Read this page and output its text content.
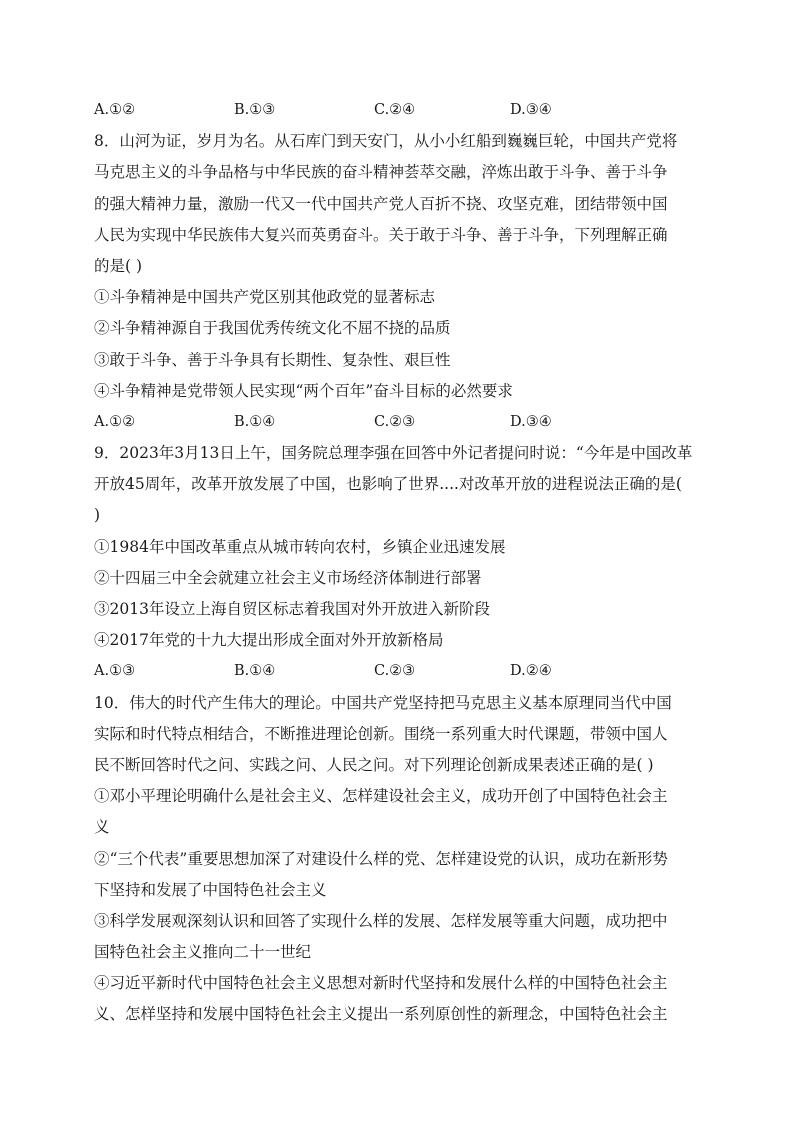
A.①②	B.①③	C.②④	D.③④
8．山河为证，岁月为名。从石库门到天安门，从小小红船到巍巍巨轮，中国共产党将
马克思主义的斗争品格与中华民族的奋斗精神荟萃交融，淬炼出敢于斗争、善于斗争
的强大精神力量，激励一代又一代中国共产党人百折不挠、攻坚克难，团结带领中国
人民为实现中华民族伟大复兴而英勇奋斗。关于敢于斗争、善于斗争，下列理解正确
的是( )
①斗争精神是中国共产党区别其他政党的显著标志
②斗争精神源自于我国优秀传统文化不屈不挠的品质
③敢于斗争、善于斗争具有长期性、复杂性、艰巨性
④斗争精神是党带领人民实现“两个百年”奋斗目标的必然要求
A.①②	B.①④	C.②③	D.③④
9．2023年3月13日上午，国务院总理李强在回答中外记者提问时说：“今年是中国改革
开放45周年，改革开放发展了中国，也影响了世界....对改革开放的进程说法正确的是(
)
①1984年中国改革重点从城市转向农村，乡镇企业迅速发展
②十四届三中全会就建立社会主义市场经济体制进行部署
③2013年设立上海自贸区标志着我国对外开放进入新阶段
④2017年党的十九大提出形成全面对外开放新格局
A.①③	B.①④	C.②③	D.②④
10．伟大的时代产生伟大的理论。中国共产党坚持把马克思主义基本原理同当代中国
实际和时代特点相结合，不断推进理论创新。围绕一系列重大时代课题，带领中国人
民不断回答时代之问、实践之问、人民之问。对下列理论创新成果表述正确的是( )
①邓小平理论明确什么是社会主义、怎样建设社会主义，成功开创了中国特色社会主
义
②“三个代表”重要思想加深了对建设什么样的党、怎样建设党的认识，成功在新形势
下坚持和发展了中国特色社会主义
③科学发展观深刻认识和回答了实现什么样的发展、怎样发展等重大问题，成功把中
国特色社会主义推向二十一世纪
④习近平新时代中国特色社会主义思想对新时代坚持和发展什么样的中国特色社会主
义、怎样坚持和发展中国特色社会主义提出一系列原创性的新理念，中国特色社会主
